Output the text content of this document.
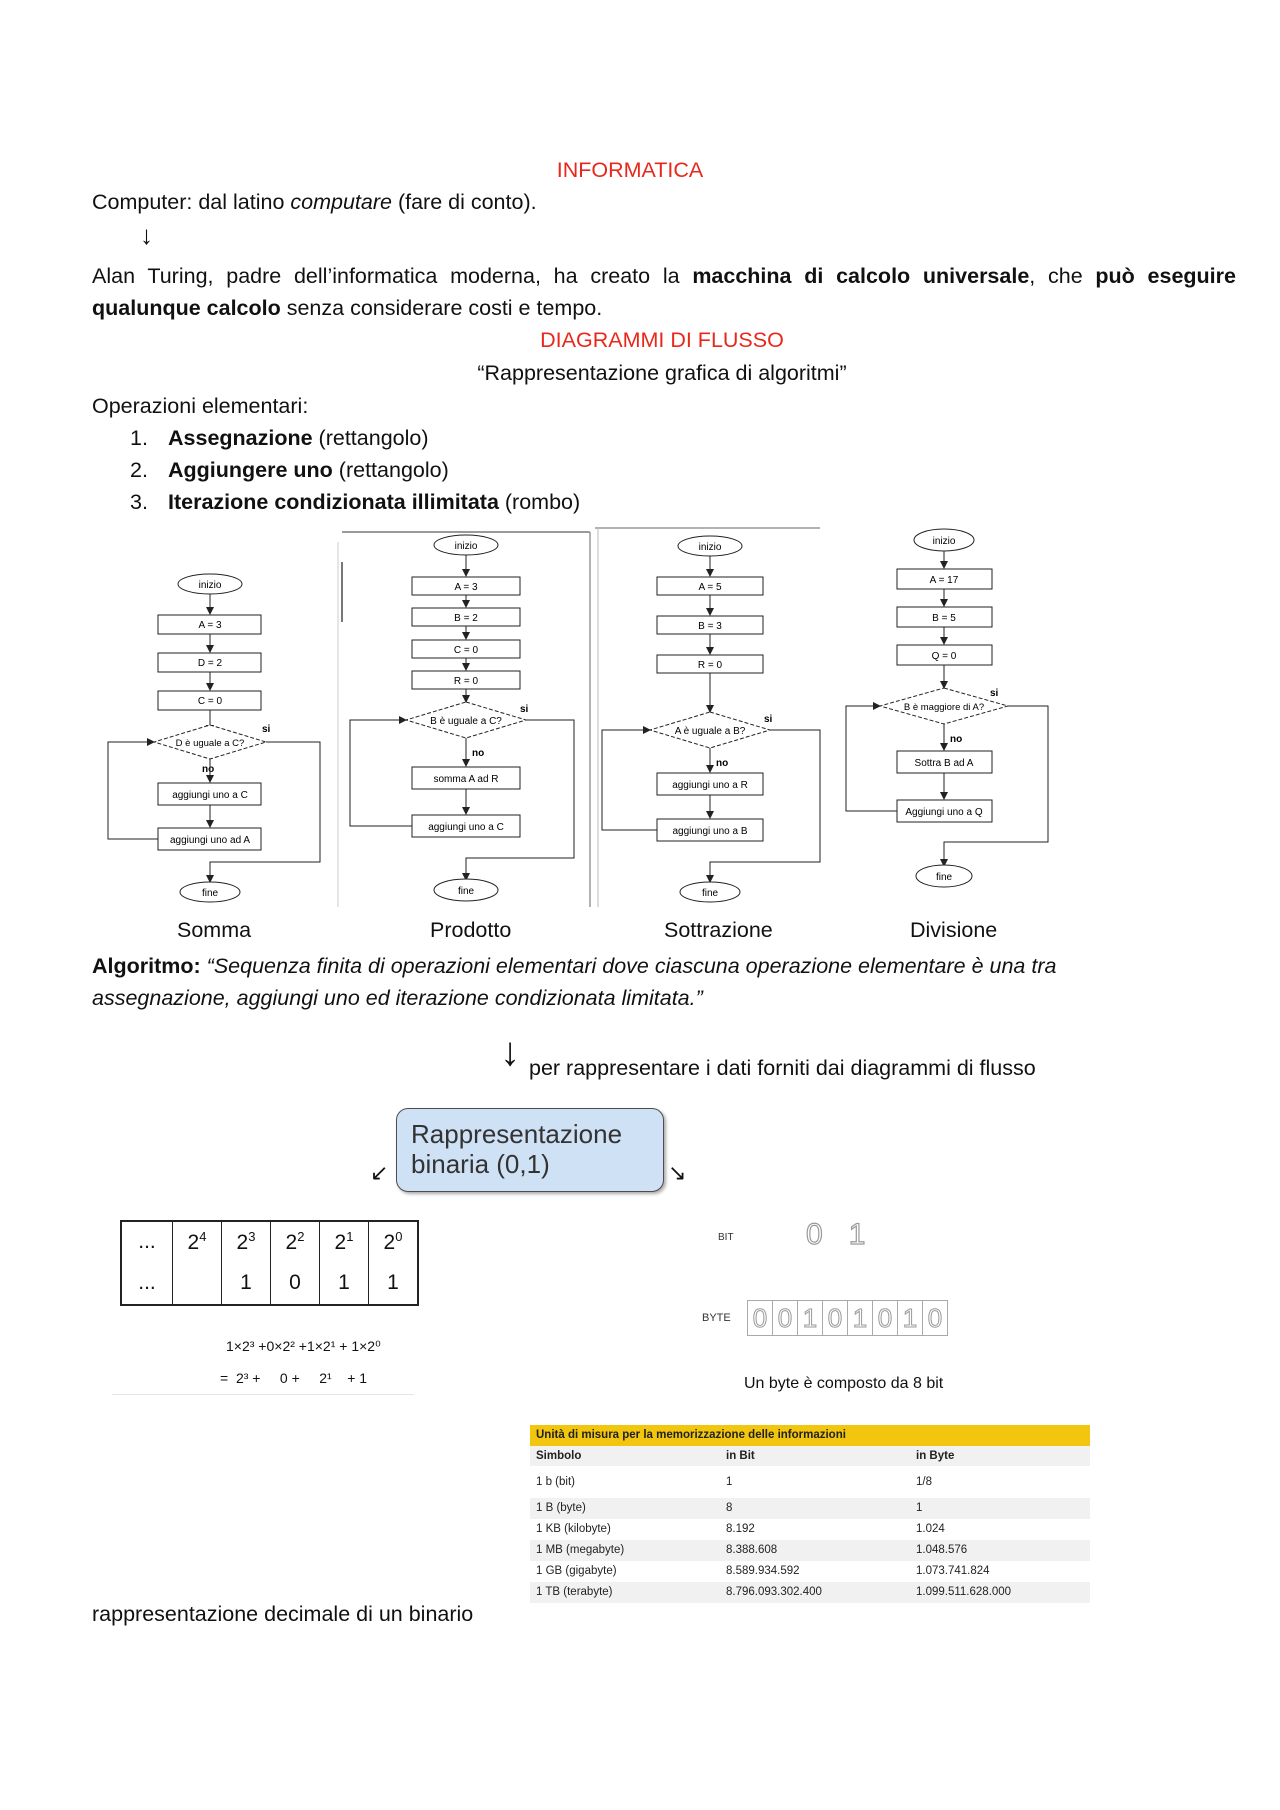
INFORMATICA
Computer: dal latino computare (fare di conto).
↓
Alan Turing, padre dell’informatica moderna, ha creato la macchina di calcolo universale, che può eseguire qualunque calcolo senza considerare costi e tempo.
DIAGRAMMI DI FLUSSO
“Rappresentazione grafica di algoritmi”
Operazioni elementari:
1. Assegnazione (rettangolo)
2. Aggiungere uno (rettangolo)
3. Iterazione condizionata illimitata (rombo)
inizio
A = 3
D = 2
C = 0
D è uguale a C?
si
no
aggiungi uno a C
aggiungi uno ad A
fine
inizio
A = 3
B = 2
C = 0
R = 0
B è uguale a C?
si
no
somma A ad R
aggiungi uno a C
fine
inizio
A = 5
B = 3
R = 0
A è uguale a B?
si
no
aggiungi uno a R
aggiungi uno a B
fine
inizio
A = 17
B = 5
Q = 0
B è maggiore di A?
si
no
Sottra B ad A
Aggiungi uno a Q
fine
Somma	Prodotto	Sottrazione	Divisione
Algoritmo: “Sequenza finita di operazioni elementari dove ciascuna operazione elementare è una tra assegnazione, aggiungi uno ed iterazione condizionata limitata.”
↓ per rappresentare i dati forniti dai diagrammi di flusso
Rappresentazione
binaria (0,1)
↙	↘
...	$2^4$	$2^3$	$2^2$	$2^1$	$2^0$
...		1	0	1	1
1×2³ +0×2² +1×2¹ + 1×2⁰
=  2³ +     0 +     2¹    + 1
BIT 01
BYTE 0 0 1 0 1 0 1 0
Un byte è composto da 8 bit
Unità di misura per la memorizzazione delle informazioni
Simbolo	in Bit	in Byte
1 b (bit)	1	1/8
1 B (byte)	8	1
1 KB (kilobyte)	8.192	1.024
1 MB (megabyte)	8.388.608	1.048.576
1 GB (gigabyte)	8.589.934.592	1.073.741.824
1 TB (terabyte)	8.796.093.302.400	1.099.511.628.000
rappresentazione decimale di un binario
